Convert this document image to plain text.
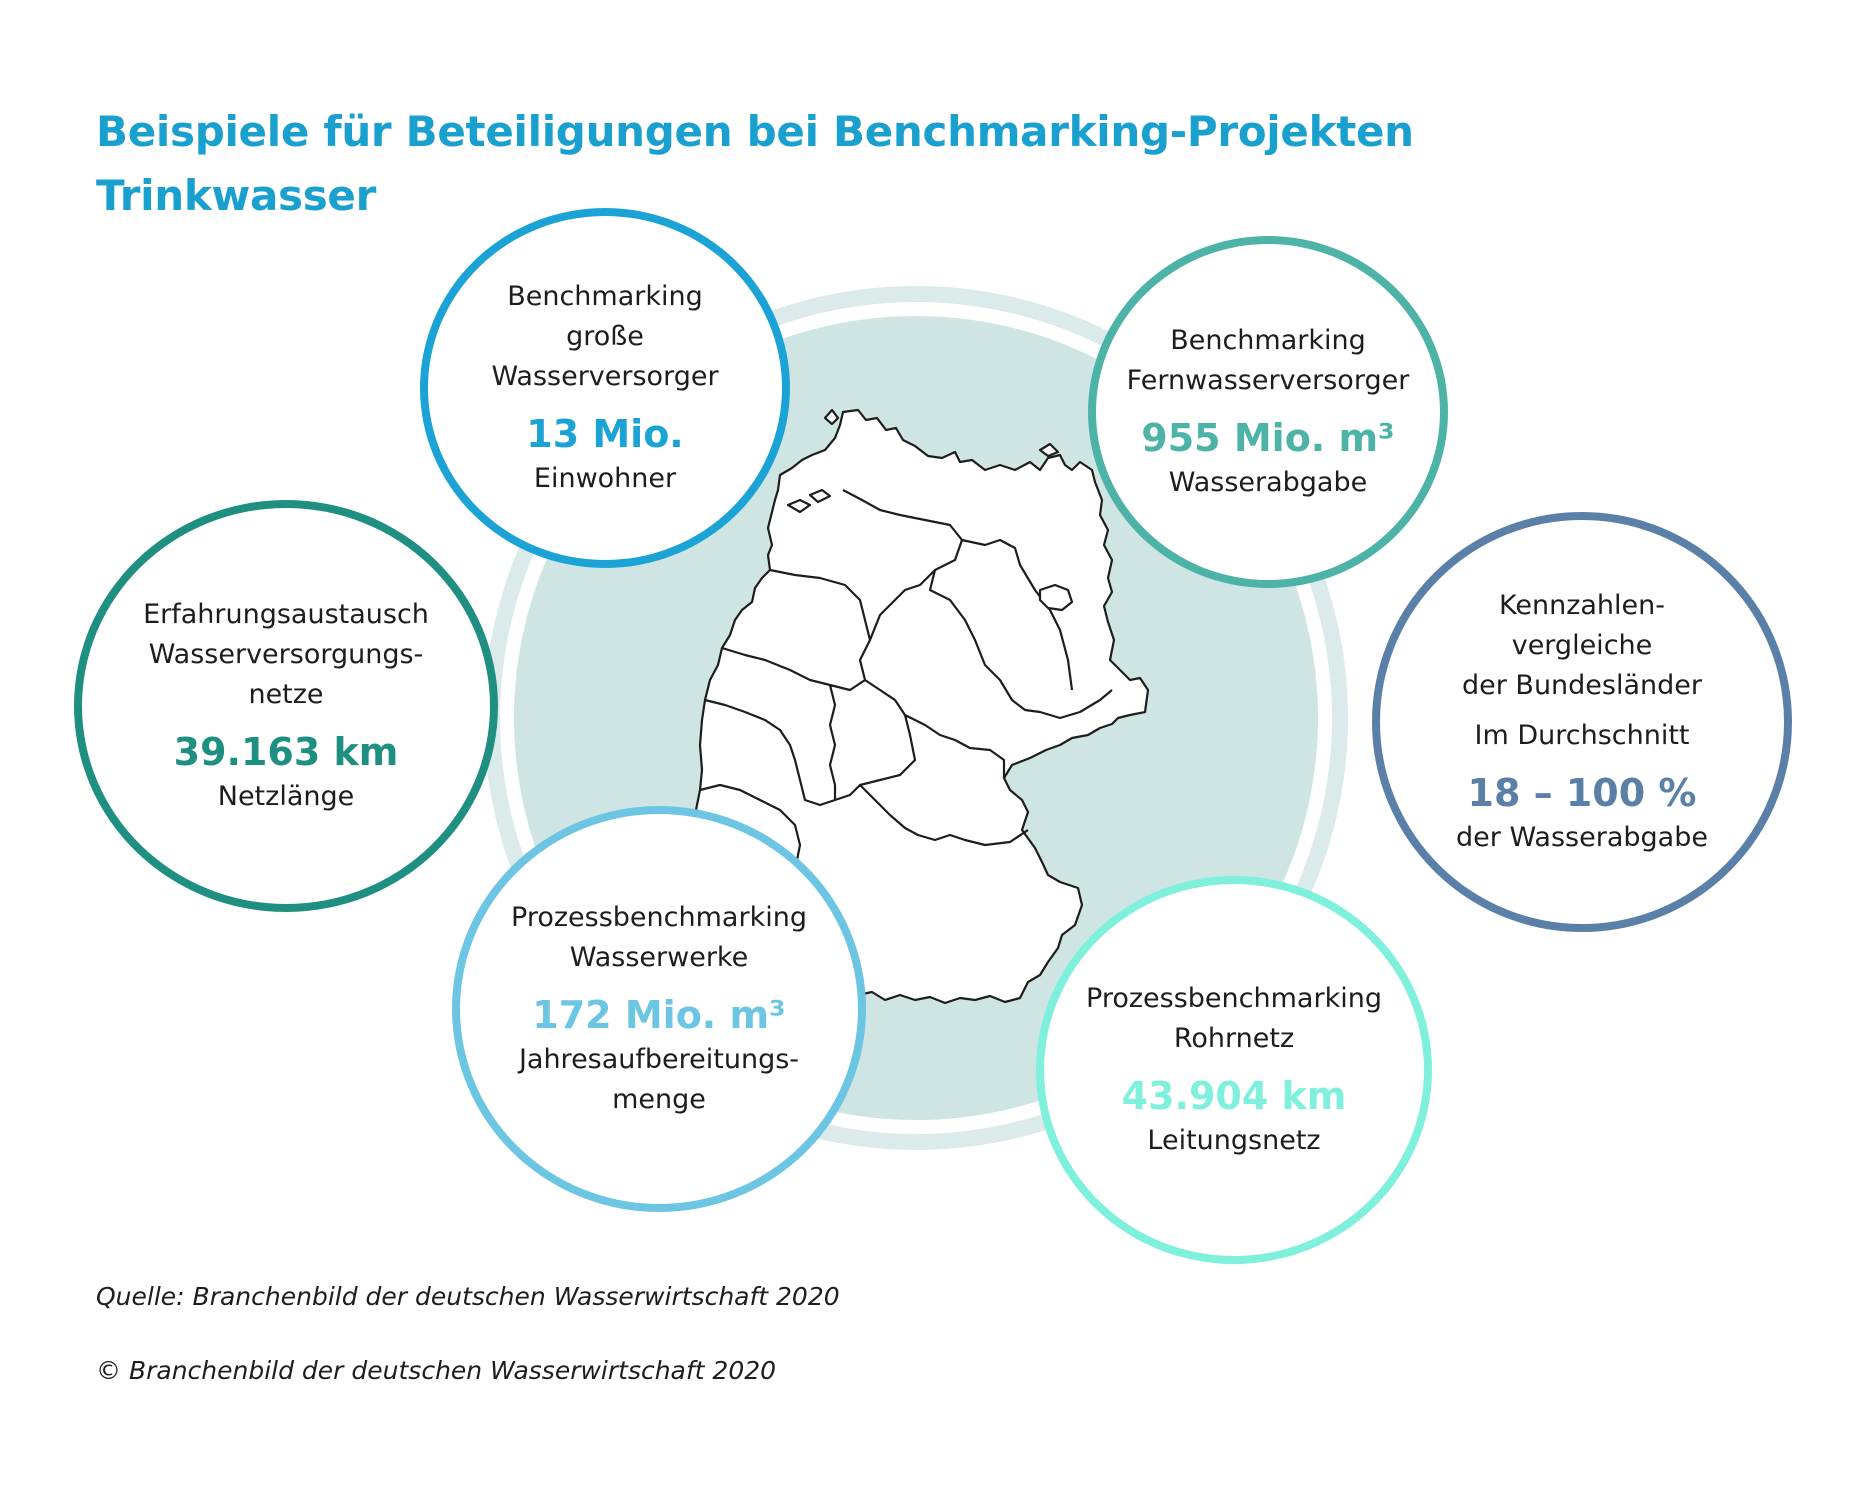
Beispiele für Beteiligungen bei Benchmarking-Projekten
Trinkwasser
Benchmarking
große
Wasserversorger
13 Mio.
Einwohner
Benchmarking
Fernwasserversorger
955 Mio. m³
Wasserabgabe
Erfahrungsaustausch
Wasserversorgungs-
netze
39.163 km
Netzlänge
Kennzahlen-
vergleiche
der Bundesländer
Im Durchschnitt
18 – 100 %
der Wasserabgabe
Prozessbenchmarking
Wasserwerke
172 Mio. m³
Jahresaufbereitungs-
menge
Prozessbenchmarking
Rohrnetz
43.904 km
Leitungsnetz

Quelle: Branchenbild der deutschen Wasserwirtschaft 2020

© Branchenbild der deutschen Wasserwirtschaft 2020
